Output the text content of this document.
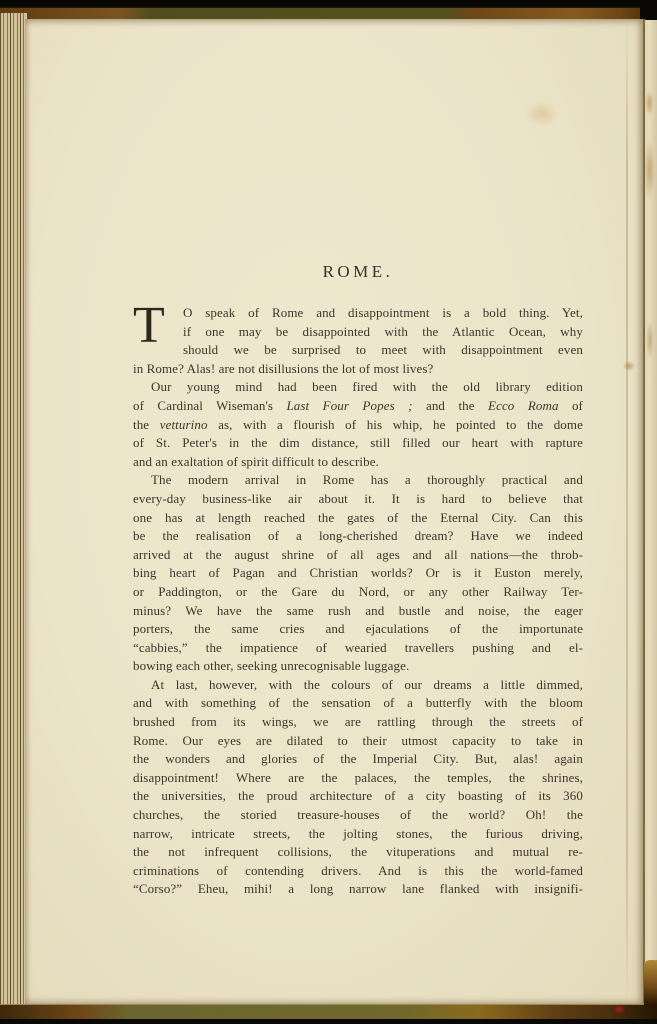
ROME.
T	O speak of Rome and disappointment is a bold thing. Yet,
if one may be disappointed with the Atlantic Ocean, why
should we be surprised to meet with disappointment even
in Rome? Alas! are not disillusions the lot of most lives?
Our young mind had been fired with the old library edition
of Cardinal Wiseman's Last Four Popes ; and the Ecco Roma of
the vetturino as, with a flourish of his whip, he pointed to the dome
of St. Peter's in the dim distance, still filled our heart with rapture
and an exaltation of spirit difficult to describe.
The modern arrival in Rome has a thoroughly practical and
every-day business-like air about it. It is hard to believe that
one has at length reached the gates of the Eternal City. Can this
be the realisation of a long-cherished dream? Have we indeed
arrived at the august shrine of all ages and all nations—the throb-
bing heart of Pagan and Christian worlds? Or is it Euston merely,
or Paddington, or the Gare du Nord, or any other Railway Ter-
minus? We have the same rush and bustle and noise, the eager
porters, the same cries and ejaculations of the importunate
“cabbies,” the impatience of wearied travellers pushing and el-
bowing each other, seeking unrecognisable luggage.
At last, however, with the colours of our dreams a little dimmed,
and with something of the sensation of a butterfly with the bloom
brushed from its wings, we are rattling through the streets of
Rome. Our eyes are dilated to their utmost capacity to take in
the wonders and glories of the Imperial City. But, alas! again
disappointment! Where are the palaces, the temples, the shrines,
the universities, the proud architecture of a city boasting of its 360
churches, the storied treasure-houses of the world? Oh! the
narrow, intricate streets, the jolting stones, the furious driving,
the not infrequent collisions, the vituperations and mutual re-
criminations of contending drivers. And is this the world-famed
“Corso?” Eheu, mihi! a long narrow lane flanked with insignifi-
